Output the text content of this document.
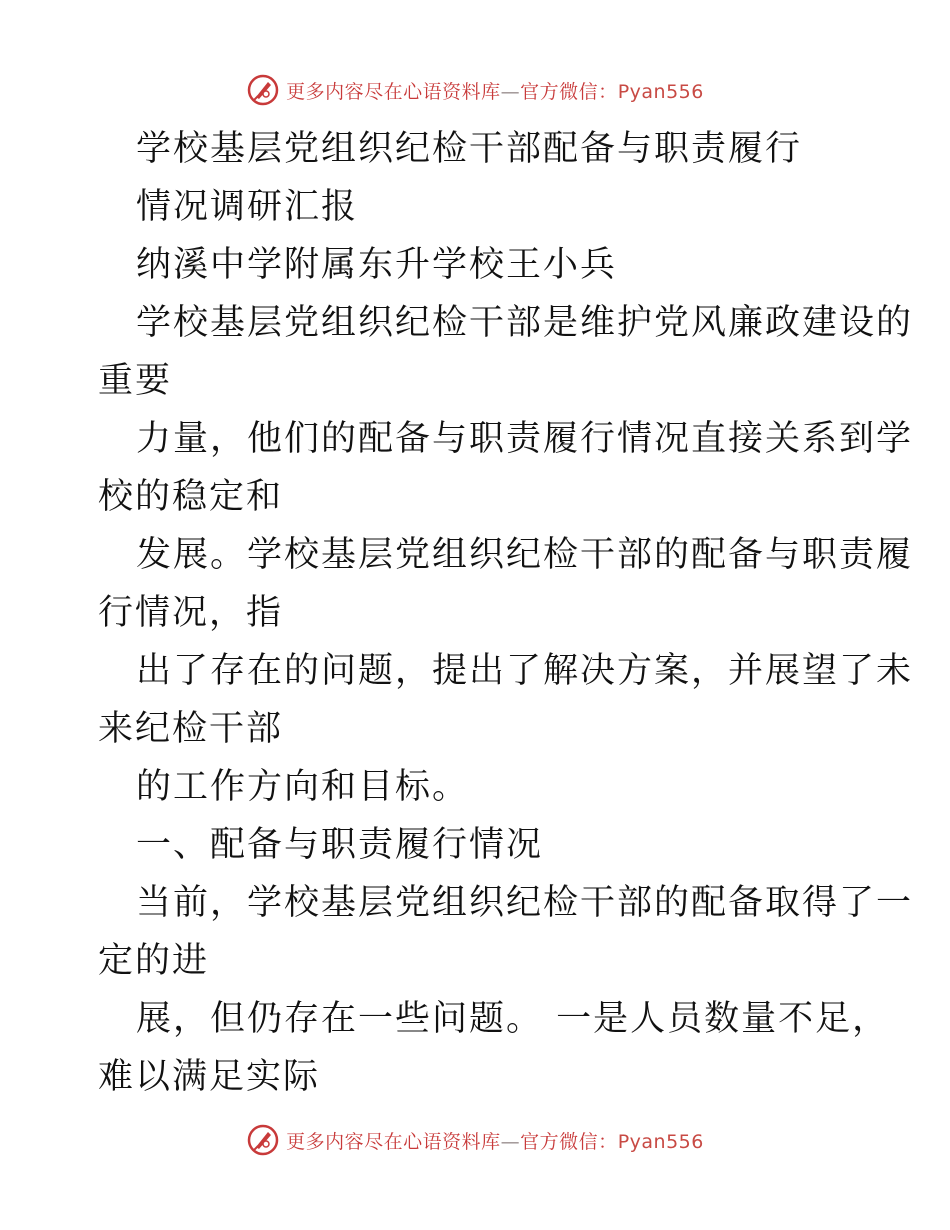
更多内容尽在心语资料库—官方微信：Pyan556
学校基层党组织纪检干部配备与职责履行
情况调研汇报
纳溪中学附属东升学校王小兵
学校基层党组织纪检干部是维护党风廉政建设的
重要
力量，他们的配备与职责履行情况直接关系到学
校的稳定和
发展。学校基层党组织纪检干部的配备与职责履
行情况，指
出了存在的问题，提出了解决方案，并展望了未
来纪检干部
的工作方向和目标。
一、配备与职责履行情况
当前，学校基层党组织纪检干部的配备取得了一
定的进
展，但仍存在一些问题。 一是人员数量不足，
难以满足实际
更多内容尽在心语资料库—官方微信：Pyan556
